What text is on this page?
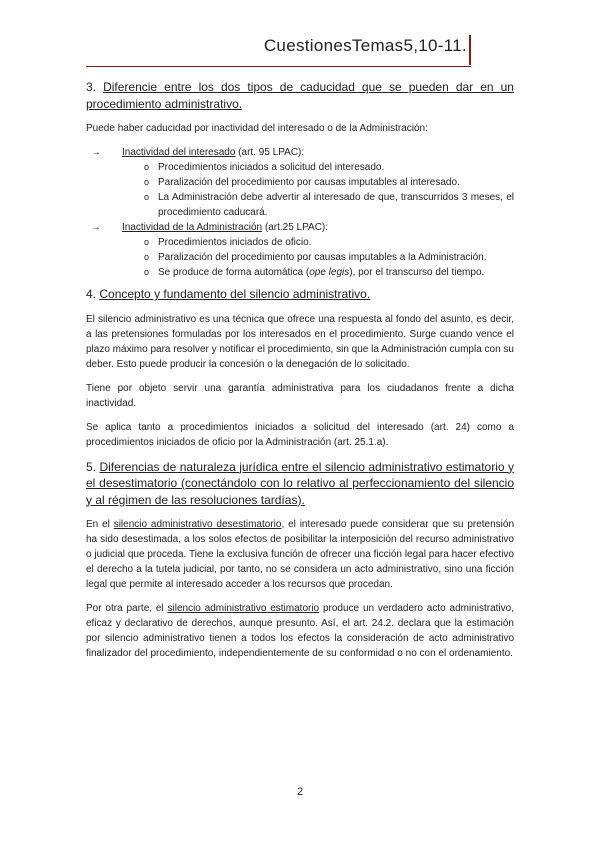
CuestionesTemas5,10-11.
3. Diferencie entre los dos tipos de caducidad que se pueden dar en un procedimiento administrativo.

Puede haber caducidad por inactividad del interesado o de la Administración:

→ Inactividad del interesado (art. 95 LPAC):
o Procedimientos iniciados a solicitud del interesado.
o Paralización del procedimiento por causas imputables al interesado.
o La Administración debe advertir al interesado de que, transcurridos 3 meses, el procedimiento caducará.
→ Inactividad de la Administración (art.25 LPAC):
o Procedimientos iniciados de oficio.
o Paralización del procedimiento por causas imputables a la Administración.
o Se produce de forma automática (ope legis), por el transcurso del tiempo.
4. Concepto y fundamento del silencio administrativo.

El silencio administrativo es una técnica que ofrece una respuesta al fondo del asunto, es decir, a las pretensiones formuladas por los interesados en el procedimiento. Surge cuando vence el plazo máximo para resolver y notificar el procedimiento, sin que la Administración cumpla con su deber. Esto puede producir la concesión o la denegación de lo solicitado.

Tiene por objeto servir una garantía administrativa para los ciudadanos frente a dicha inactividad.

Se aplica tanto a procedimientos iniciados a solicitud del interesado (art. 24) como a procedimientos iniciados de oficio por la Administración (art. 25.1.a).

5. Diferencias de naturaleza jurídica entre el silencio administrativo estimatorio y el desestimatorio (conectándolo con lo relativo al perfeccionamiento del silencio y al régimen de las resoluciones tardías).

En el silencio administrativo desestimatorio, el interesado puede considerar que su pretensión ha sido desestimada, a los solos efectos de posibilitar la interposición del recurso administrativo o judicial que proceda. Tiene la exclusiva función de ofrecer una ficción legal para hacer efectivo el derecho a la tutela judicial, por tanto, no se considera un acto administrativo, sino una ficción legal que permite al interesado acceder a los recursos que procedan.

Por otra parte, el silencio administrativo estimatorio produce un verdadero acto administrativo, eficaz y declarativo de derechos, aunque presunto. Así, el art. 24.2. declara que la estimación por silencio administrativo tienen a todos los efectos la consideración de acto administrativo finalizador del procedimiento, independientemente de su conformidad o no con el ordenamiento.

2
